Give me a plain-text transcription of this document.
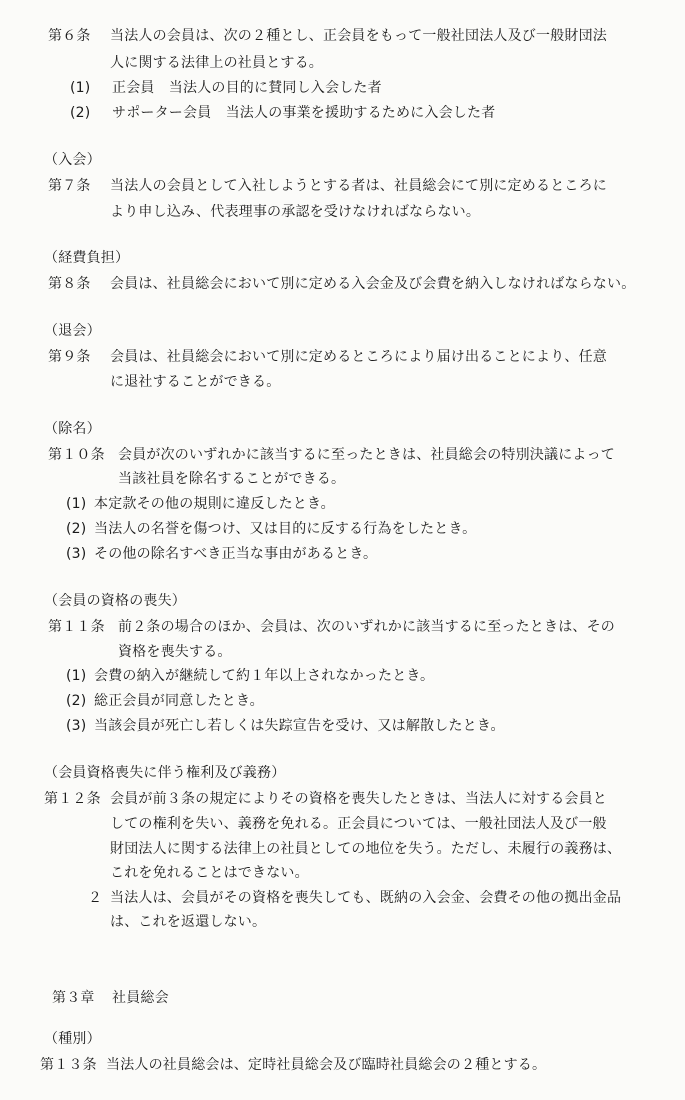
第６条 当法人の会員は、次の２種とし、正会員をもって一般社団法人及び一般財団法
人に関する法律上の社員とする。
(1) 正会員　当法人の目的に賛同し入会した者
(2) サポーター会員　当法人の事業を援助するために入会した者
（入会）
第７条 当法人の会員として入社しようとする者は、社員総会にて別に定めるところに
より申し込み、代表理事の承認を受けなければならない。
（経費負担）
第８条 会員は、社員総会において別に定める入会金及び会費を納入しなければならない。
（退会）
第９条 会員は、社員総会において別に定めるところにより届け出ることにより、任意
に退社することができる。
（除名）
第１０条 会員が次のいずれかに該当するに至ったときは、社員総会の特別決議によって
当該社員を除名することができる。
(1) 本定款その他の規則に違反したとき。
(2) 当法人の名誉を傷つけ、又は目的に反する行為をしたとき。
(3) その他の除名すべき正当な事由があるとき。
（会員の資格の喪失）
第１１条 前２条の場合のほか、会員は、次のいずれかに該当するに至ったときは、その
資格を喪失する。
(1) 会費の納入が継続して約１年以上されなかったとき。
(2) 総正会員が同意したとき。
(3) 当該会員が死亡し若しくは失踪宣告を受け、又は解散したとき。
（会員資格喪失に伴う権利及び義務）
第１２条 会員が前３条の規定によりその資格を喪失したときは、当法人に対する会員と
しての権利を失い、義務を免れる。正会員については、一般社団法人及び一般
財団法人に関する法律上の社員としての地位を失う。ただし、未履行の義務は、
これを免れることはできない。
２ 当法人は、会員がその資格を喪失しても、既納の入会金、会費その他の拠出金品
は、これを返還しない。
第３章 社員総会
（種別）
第１３条 当法人の社員総会は、定時社員総会及び臨時社員総会の２種とする。
